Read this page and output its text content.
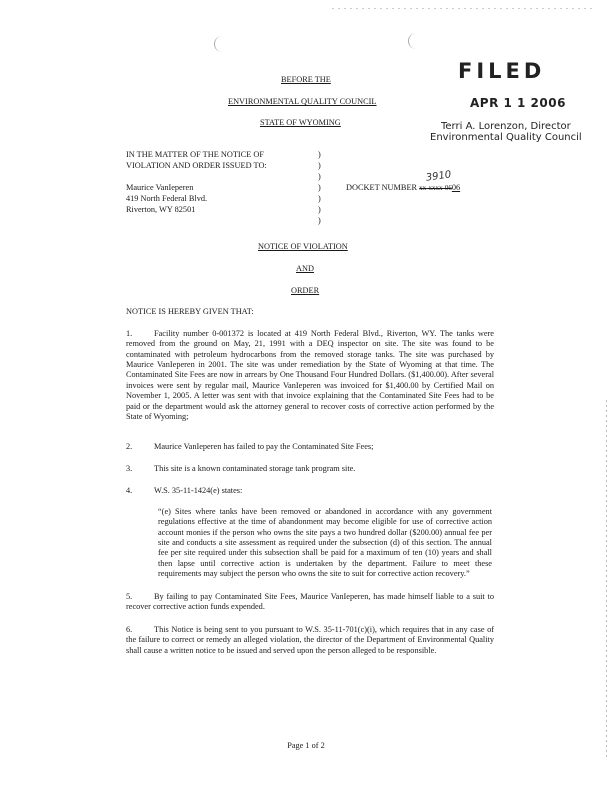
FILED
APR 1 1 2006
Terri A. Lorenzon, Director
Environmental Quality Council
BEFORE THE
ENVIRONMENTAL QUALITY COUNCIL
STATE OF WYOMING
IN THE MATTER OF THE NOTICE OF
VIOLATION AND ORDER ISSUED TO:
Maurice VanIeperen
419 North Federal Blvd.
Riverton, WY 82501
)
)
)
)
)
)
)
DOCKET NUMBER xx-xxxx-0606
3910
NOTICE OF VIOLATION
AND
ORDER
NOTICE IS HEREBY GIVEN THAT:
1.	Facility number 0-001372 is located at 419 North Federal Blvd., Riverton, WY. The tanks were removed from the ground on May, 21, 1991 with a DEQ inspector on site. The site was found to be contaminated with petroleum hydrocarbons from the removed storage tanks. The site was purchased by Maurice VanIeperen in 2001. The site was under remediation by the State of Wyoming at that time. The Contaminated Site Fees are now in arrears by One Thousand Four Hundred Dollars. ($1,400.00). After several invoices were sent by regular mail, Maurice VanIeperen was invoiced for $1,400.00 by Certified Mail on November 1, 2005. A letter was sent with that invoice explaining that the Contaminated Site Fees had to be paid or the department would ask the attorney general to recover costs of corrective action performed by the State of Wyoming;
2.	Maurice VanIeperen has failed to pay the Contaminated Site Fees;
3.	This site is a known contaminated storage tank program site.
4.	W.S. 35-11-1424(e) states:
“(e) Sites where tanks have been removed or abandoned in accordance with any government regulations effective at the time of abandonment may become eligible for use of corrective action account monies if the person who owns the site pays a two hundred dollar ($200.00) annual fee per site and conducts a site assessment as required under the subsection (d) of this section. The annual fee per site required under this subsection shall be paid for a maximum of ten (10) years and shall then lapse until corrective action is undertaken by the department. Failure to meet these requirements may subject the person who owns the site to suit for corrective action recovery.”
5.	By failing to pay Contaminated Site Fees, Maurice VanIeperen, has made himself liable to a suit to recover corrective action funds expended.
6.	This Notice is being sent to you pursuant to W.S. 35-11-701(c)(i), which requires that in any case of the failure to correct or remedy an alleged violation, the director of the Department of Environmental Quality shall cause a written notice to be issued and served upon the person alleged to be responsible.
Page 1 of 2
